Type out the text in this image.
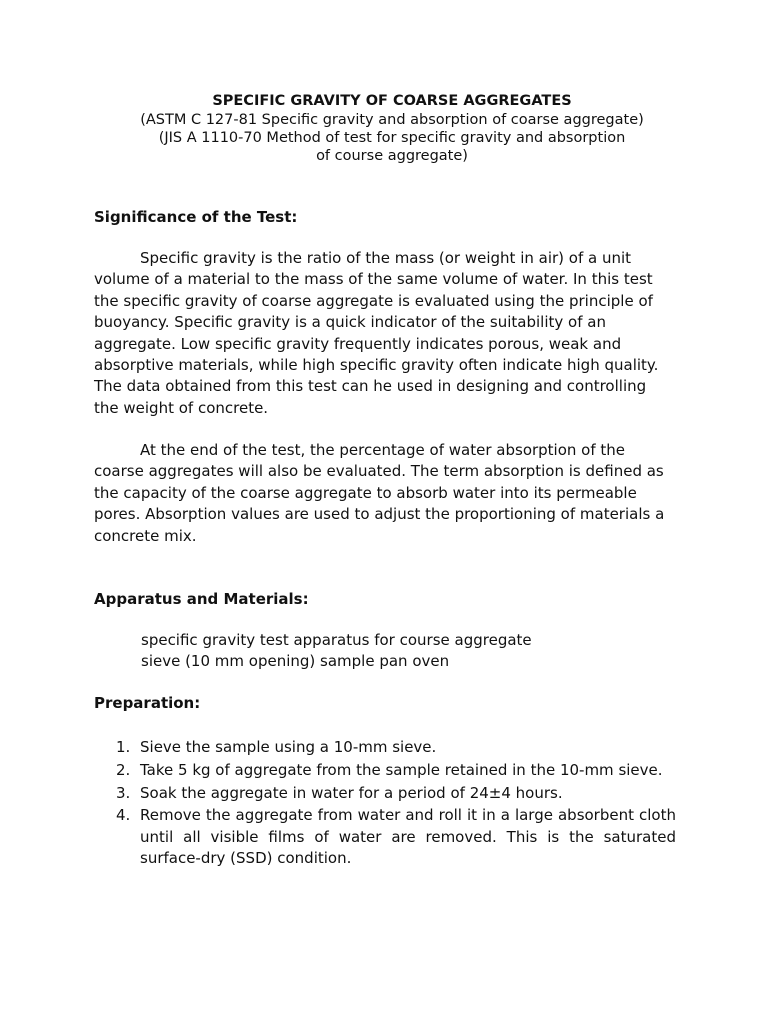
SPECIFIC GRAVITY OF COARSE AGGREGATES

(ASTM C 127-81 Specific gravity and absorption of coarse aggregate)

(JIS A 1110-70 Method of test for specific gravity and absorption

of course aggregate)

Significance of the Test:

Specific gravity is the ratio of the mass (or weight in air) of a unit volume of a material to the mass of the same volume of water. In this test the specific gravity of coarse aggregate is evaluated using the principle of buoyancy. Specific gravity is a quick indicator of the suitability of an aggregate. Low specific gravity frequently indicates porous, weak and absorptive materials, while high specific gravity often indicate high quality. The data obtained from this test can he used in designing and controlling the weight of concrete.

At the end of the test, the percentage of water absorption of the coarse aggregates will also be evaluated. The term absorption is defined as the capacity of the coarse aggregate to absorb water into its permeable pores. Absorption values are used to adjust the proportioning of materials a concrete mix.

Apparatus and Materials:

specific gravity test apparatus for course aggregate
sieve (10 mm opening) sample pan oven

Preparation:

1. Sieve the sample using a 10-mm sieve.
2. Take 5 kg of aggregate from the sample retained in the 10-mm sieve.
3. Soak the aggregate in water for a period of 24±4 hours.
4. Remove the aggregate from water and roll it in a large absorbent cloth until all visible films of water are removed. This is the saturated surface-dry (SSD) condition.
